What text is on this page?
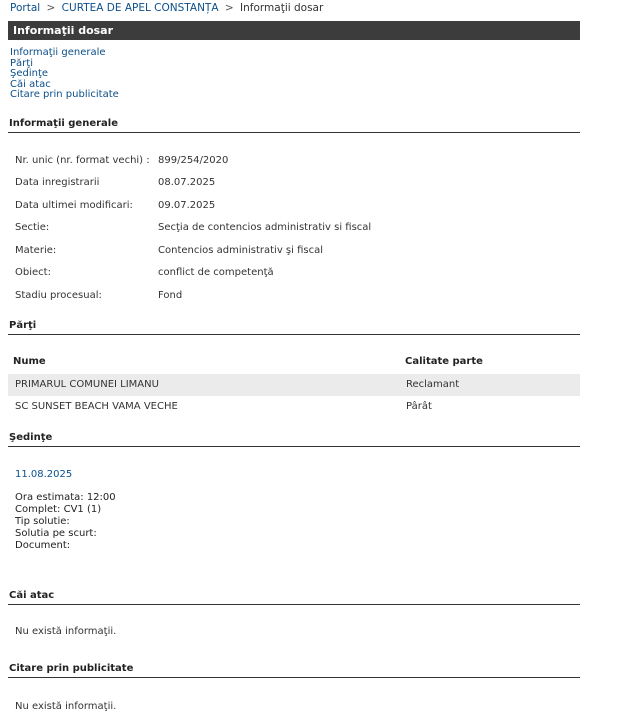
Portal > CURTEA DE APEL CONSTANȚA > Informaţii dosar
Informaţii dosar
Informaţii generale
Părţi
Şedinţe
Căi atac
Citare prin publicitate
Informaţii generale
Nr. unic (nr. format vechi) : 899/254/2020
Data inregistrarii	08.07.2025
Data ultimei modificari:	09.07.2025
Sectie:	Secţia de contencios administrativ si fiscal
Materie:	Contencios administrativ şi fiscal
Obiect:	conflict de competenţă
Stadiu procesual:	Fond
Părţi
Nume	Calitate parte
PRIMARUL COMUNEI LIMANU	Reclamant
SC SUNSET BEACH VAMA VECHE	Pârât
Şedinţe
11.08.2025
Ora estimata: 12:00
Complet: CV1 (1)
Tip solutie:
Solutia pe scurt:
Document:
Căi atac
Nu există informaţii.
Citare prin publicitate
Nu există informaţii.
